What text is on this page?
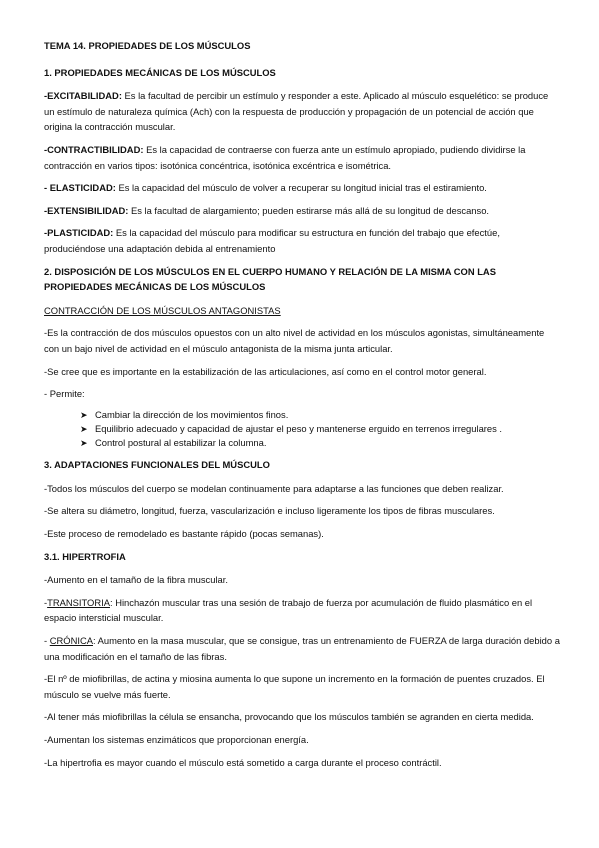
TEMA 14. PROPIEDADES DE LOS MÚSCULOS

1. PROPIEDADES MECÁNICAS DE LOS MÚSCULOS

-EXCITABILIDAD: Es la facultad de percibir un estímulo y responder a este. Aplicado al músculo esquelético: se produce un estímulo de naturaleza química (Ach) con la respuesta de producción y propagación de un potencial de acción que origina la contracción muscular.

-CONTRACTIBILIDAD: Es la capacidad de contraerse con fuerza ante un estímulo apropiado, pudiendo dividirse la contracción en varios tipos: isotónica concéntrica, isotónica excéntrica e isométrica.

- ELASTICIDAD: Es la capacidad del músculo de volver a recuperar su longitud inicial tras el estiramiento.

-EXTENSIBILIDAD: Es la facultad de alargamiento; pueden estirarse más allá de su longitud de descanso.

-PLASTICIDAD: Es la capacidad del músculo para modificar su estructura en función del trabajo que efectúe, produciéndose una adaptación debida al entrenamiento

2. DISPOSICIÓN DE LOS MÚSCULOS EN EL CUERPO HUMANO Y RELACIÓN DE LA MISMA CON LAS PROPIEDADES MECÁNICAS DE LOS MÚSCULOS

CONTRACCIÓN DE LOS MÚSCULOS ANTAGONISTAS

-Es la contracción de dos músculos opuestos con un alto nivel de actividad en los músculos agonistas, simultáneamente con un bajo nivel de actividad en el músculo antagonista de la misma junta articular.

-Se cree que es importante en la estabilización de las articulaciones, así como en el control motor general.

- Permite:

➤ Cambiar la dirección de los movimientos finos.
➤ Equilibrio adecuado y capacidad de ajustar el peso y mantenerse erguido en terrenos irregulares .
➤ Control postural al estabilizar la columna.

3. ADAPTACIONES FUNCIONALES DEL MÚSCULO

-Todos los músculos del cuerpo se modelan continuamente para adaptarse a las funciones que deben realizar.

-Se altera su diámetro, longitud, fuerza, vascularización e incluso ligeramente los tipos de fibras musculares.

-Este proceso de remodelado es bastante rápido (pocas semanas).

3.1. HIPERTROFIA

-Aumento en el tamaño de la fibra muscular.

-TRANSITORIA: Hinchazón muscular tras una sesión de trabajo de fuerza por acumulación de fluido plasmático en el espacio intersticial muscular.

- CRÓNICA: Aumento en la masa muscular, que se consigue, tras un entrenamiento de FUERZA de larga duración debido a una modificación en el tamaño de las fibras.

-El nº de miofibrillas, de actina y miosina aumenta lo que supone un incremento en la formación de puentes cruzados. El músculo se vuelve más fuerte.

-Al tener más miofibrillas la célula se ensancha, provocando que los músculos también se agranden en cierta medida.

-Aumentan los sistemas enzimáticos que proporcionan energía.

-La hipertrofia es mayor cuando el músculo está sometido a carga durante el proceso contráctil.
